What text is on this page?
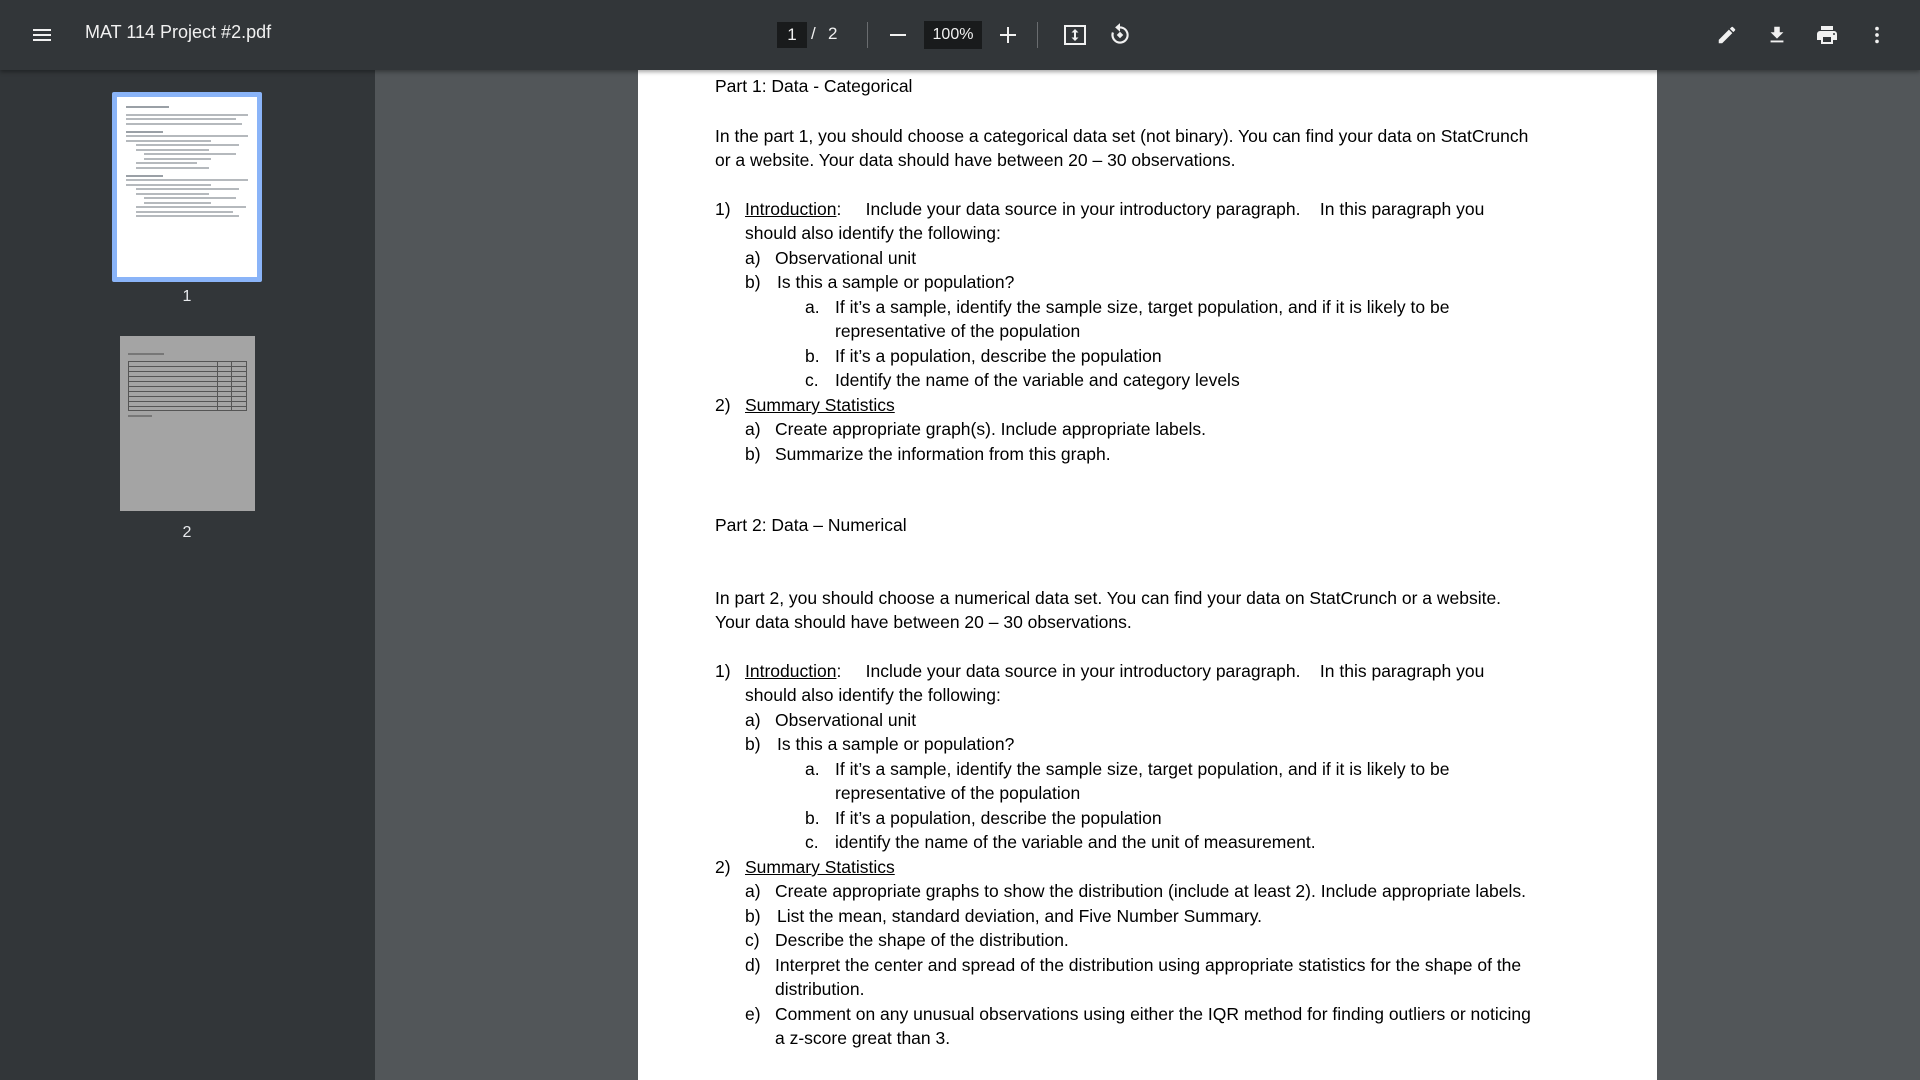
MAT 114 Project #2.pdf
1	/ 2
100%
1
2
Part 1: Data - Categorical
In the part 1, you should choose a categorical data set (not binary). You can find your data on StatCrunch
or a website. Your data should have between 20 – 30 observations.
1) Introduction:     Include your data source in your introductory paragraph.    In this paragraph you
should also identify the following:
a) Observational unit
b) Is this a sample or population?
a. If it’s a sample, identify the sample size, target population, and if it is likely to be
representative of the population
b. If it’s a population, describe the population
c. Identify the name of the variable and category levels
2) Summary Statistics
a) Create appropriate graph(s). Include appropriate labels.
b) Summarize the information from this graph.
Part 2: Data – Numerical
In part 2, you should choose a numerical data set. You can find your data on StatCrunch or a website.
Your data should have between 20 – 30 observations.
1) Introduction:     Include your data source in your introductory paragraph.    In this paragraph you
should also identify the following:
a) Observational unit
b) Is this a sample or population?
a. If it’s a sample, identify the sample size, target population, and if it is likely to be
representative of the population
b. If it’s a population, describe the population
c. identify the name of the variable and the unit of measurement.
2) Summary Statistics
a) Create appropriate graphs to show the distribution (include at least 2). Include appropriate labels.
b) List the mean, standard deviation, and Five Number Summary.
c) Describe the shape of the distribution.
d) Interpret the center and spread of the distribution using appropriate statistics for the shape of the
distribution.
e) Comment on any unusual observations using either the IQR method for finding outliers or noticing
a z-score great than 3.
